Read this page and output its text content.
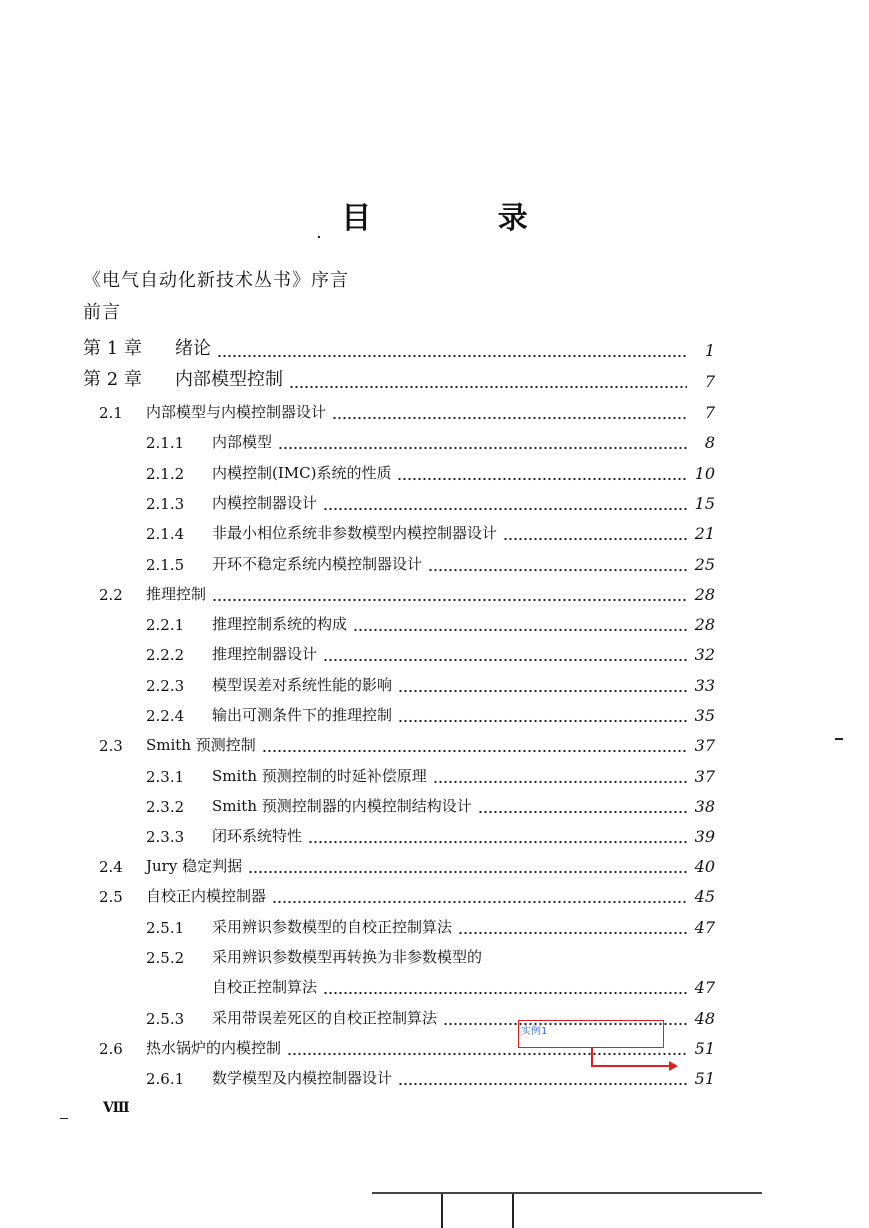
目 录
《电气自动化新技术丛书》序言
前言
第 1 章	绪论	1
第 2 章	内部模型控制	7
2.1	内部模型与内模控制器设计	7
2.1.1	内部模型	8
2.1.2	内模控制(IMC)系统的性质	10
2.1.3	内模控制器设计	15
2.1.4	非最小相位系统非参数模型内模控制器设计	21
2.1.5	开环不稳定系统内模控制器设计	25
2.2	推理控制	28
2.2.1	推理控制系统的构成	28
2.2.2	推理控制器设计	32
2.2.3	模型误差对系统性能的影响	33
2.2.4	输出可测条件下的推理控制	35
2.3	Smith 预测控制	37
2.3.1	Smith 预测控制的时延补偿原理	37
2.3.2	Smith 预测控制器的内模控制结构设计	38
2.3.3	闭环系统特性	39
2.4	Jury 稳定判据	40
2.5	自校正内模控制器	45
2.5.1	采用辨识参数模型的自校正控制算法	47
2.5.2	采用辨识参数模型再转换为非参数模型的
自校正控制算法	47
2.5.3	采用带误差死区的自校正控制算法	48
2.6	热水锅炉的内模控制	51
2.6.1	数学模型及内模控制器设计	51
实例1
Ⅷ
